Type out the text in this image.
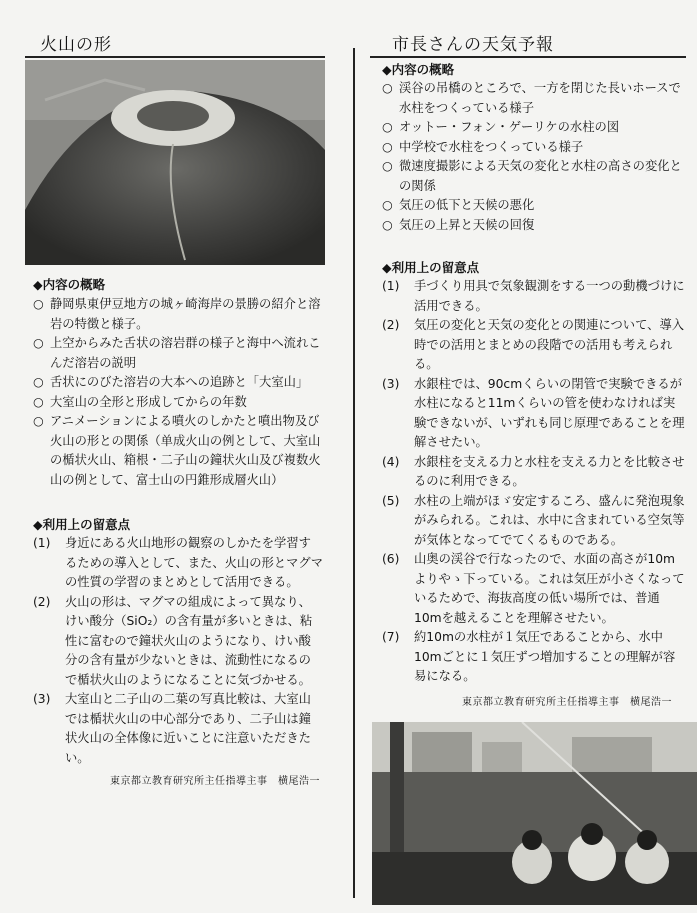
火山の形
◆内容の概略
○ 静岡県東伊豆地方の城ヶ崎海岸の景勝の紹介と溶岩の特徴と様子。
○ 上空からみた舌状の溶岩群の様子と海中へ流れこんだ溶岩の説明
○ 舌状にのびた溶岩の大本への追跡と「大室山」
○ 大室山の全形と形成してからの年数
○ アニメーションによる噴火のしかたと噴出物及び火山の形との関係（单成火山の例として、大室山の楯状火山、箱根・二子山の鐘状火山及び複数火山の例として、富士山の円錐形成層火山）
◆利用上の留意点
(1) 身近にある火山地形の観察のしかたを学習するための導入として、また、火山の形とマグマの性質の学習のまとめとして活用できる。
(2) 火山の形は、マグマの組成によって異なり、けい酸分（SiO₂）の含有量が多いときは、粘性に富むので鐘状火山のようになり、けい酸分の含有量が少ないときは、流動性になるので楯状火山のようになることに気づかせる。
(3) 大室山と二子山の二葉の写真比較は、大室山では楯状火山の中心部分であり、二子山は鐘状火山の全体像に近いことに注意いただきたい。
東京都立教育研究所主任指導主事　横尾浩一
市長さんの天気予報
◆内容の概略
○ 渓谷の吊橋のところで、一方を閉じた長いホースで水柱をつくっている様子
○ オットー・フォン・ゲーリケの水柱の図
○ 中学校で水柱をつくっている様子
○ 微速度撮影による天気の変化と水柱の高さの変化との関係
○ 気圧の低下と天候の悪化
○ 気圧の上昇と天候の回復
◆利用上の留意点
(1) 手づくり用具で気象観測をする一つの動機づけに活用できる。
(2) 気圧の変化と天気の変化との関連について、導入時での活用とまとめの段階での活用も考えられる。
(3) 水銀柱では、90cmくらいの閉管で実験できるが水柱になると11mくらいの管を使わなければ実験できないが、いずれも同じ原理であることを理解させたい。
(4) 水銀柱を支える力と水柱を支える力とを比較させるのに利用できる。
(5) 水柱の上端がほゞ安定するころ、盛んに発泡現象がみられる。これは、水中に含まれている空気等が気体となってでてくるものである。
(6) 山奥の渓谷で行なったので、水面の高さが10mよりやゝ下っている。これは気圧が小さくなっているためで、海抜高度の低い場所では、普通10mを越えることを理解させたい。
(7) 約10mの水柱が１気圧であることから、水中10mごとに１気圧ずつ増加することの理解が容易になる。
東京都立教育研究所主任指導主事　横尾浩一
